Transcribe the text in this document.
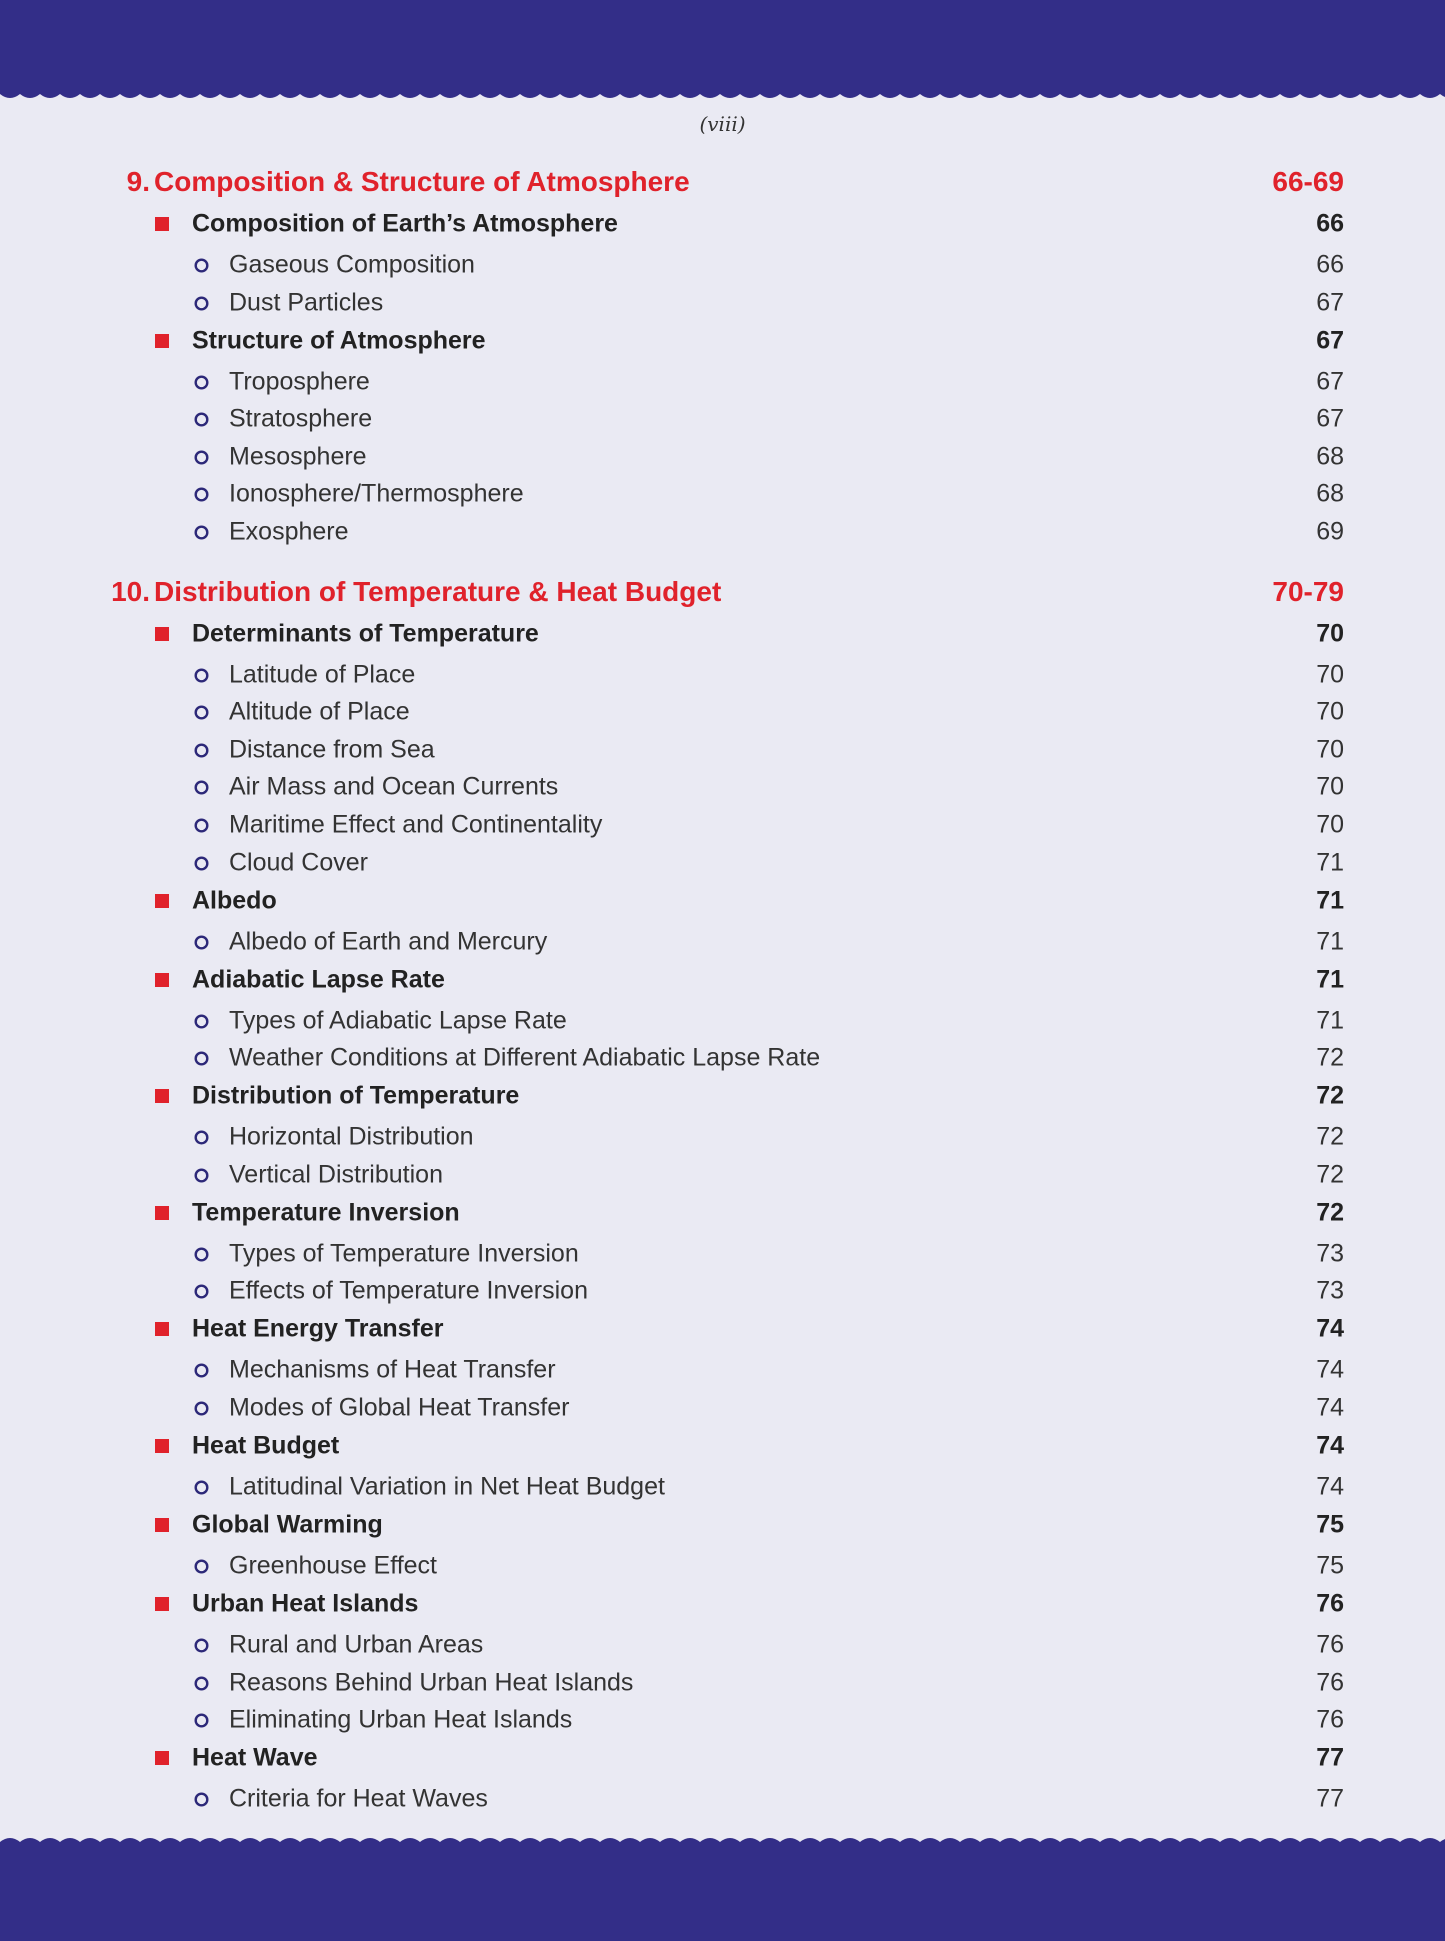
(viii)
9. Composition & Structure of Atmosphere	66-69
Composition of Earth’s Atmosphere	66
Gaseous Composition	66
Dust Particles	67
Structure of Atmosphere	67
Troposphere	67
Stratosphere	67
Mesosphere	68
Ionosphere/Thermosphere	68
Exosphere	69
10. Distribution of Temperature & Heat Budget	70-79
Determinants of Temperature	70
Latitude of Place	70
Altitude of Place	70
Distance from Sea	70
Air Mass and Ocean Currents	70
Maritime Effect and Continentality	70
Cloud Cover	71
Albedo	71
Albedo of Earth and Mercury	71
Adiabatic Lapse Rate	71
Types of Adiabatic Lapse Rate	71
Weather Conditions at Different Adiabatic Lapse Rate	72
Distribution of Temperature	72
Horizontal Distribution	72
Vertical Distribution	72
Temperature Inversion	72
Types of Temperature Inversion	73
Effects of Temperature Inversion	73
Heat Energy Transfer	74
Mechanisms of Heat Transfer	74
Modes of Global Heat Transfer	74
Heat Budget	74
Latitudinal Variation in Net Heat Budget	74
Global Warming	75
Greenhouse Effect	75
Urban Heat Islands	76
Rural and Urban Areas	76
Reasons Behind Urban Heat Islands	76
Eliminating Urban Heat Islands	76
Heat Wave	77
Criteria for Heat Waves	77
